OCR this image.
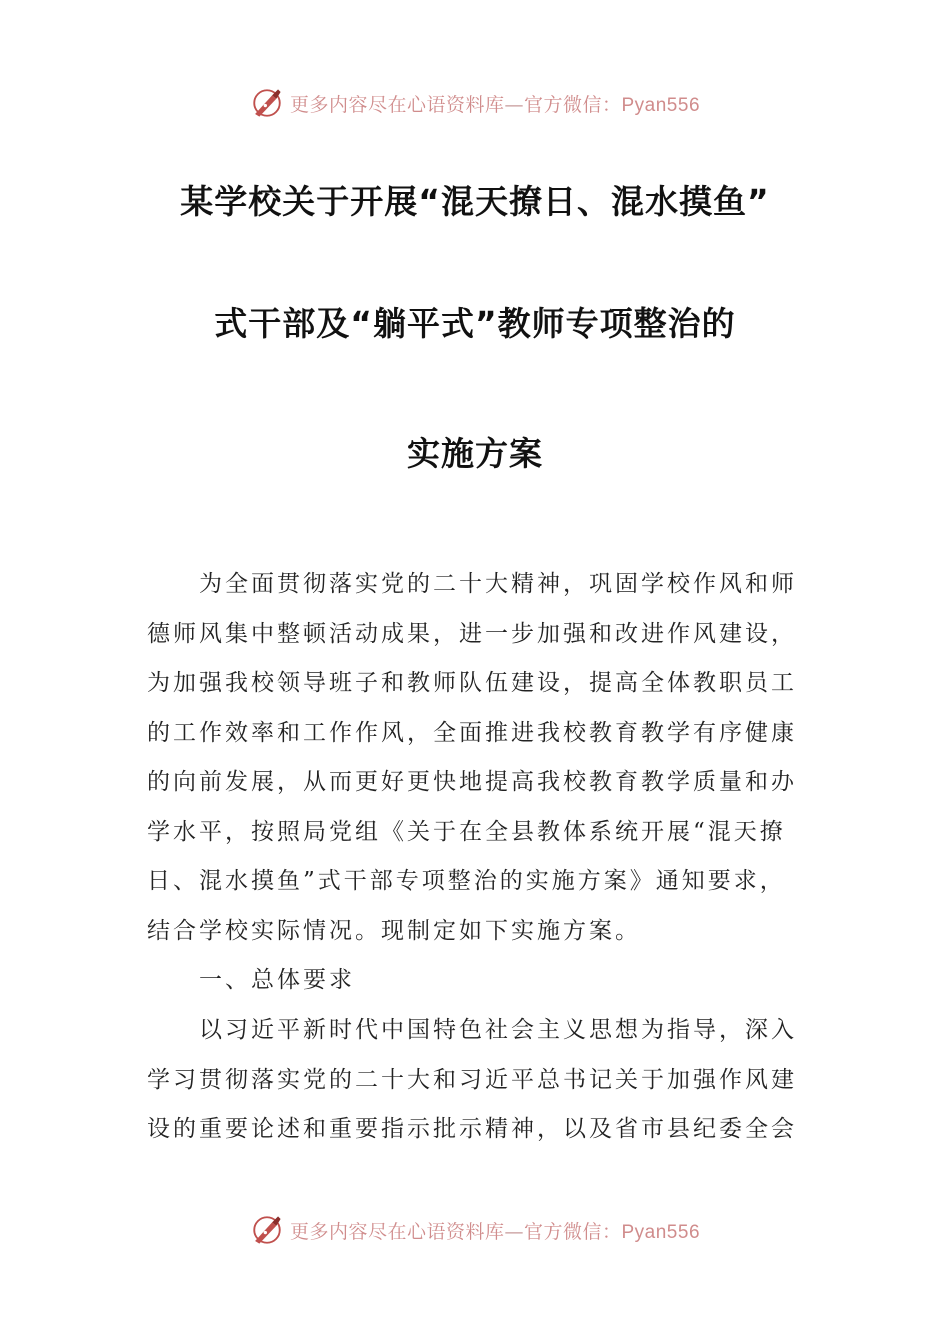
更多内容尽在心语资料库—官方微信：Pyan556
某学校关于开展“混天撩日、混水摸鱼”
式干部及“躺平式”教师专项整治的
实施方案
为全面贯彻落实党的二十大精神，巩固学校作风和师
德师风集中整顿活动成果，进一步加强和改进作风建设，
为加强我校领导班子和教师队伍建设，提高全体教职员工
的工作效率和工作作风，全面推进我校教育教学有序健康
的向前发展，从而更好更快地提高我校教育教学质量和办
学水平，按照局党组《关于在全县教体系统开展“混天撩
日、混水摸鱼”式干部专项整治的实施方案》通知要求，
结合学校实际情况。现制定如下实施方案。
一、总体要求
以习近平新时代中国特色社会主义思想为指导，深入
学习贯彻落实党的二十大和习近平总书记关于加强作风建
设的重要论述和重要指示批示精神，以及省市县纪委全会
更多内容尽在心语资料库—官方微信：Pyan556
